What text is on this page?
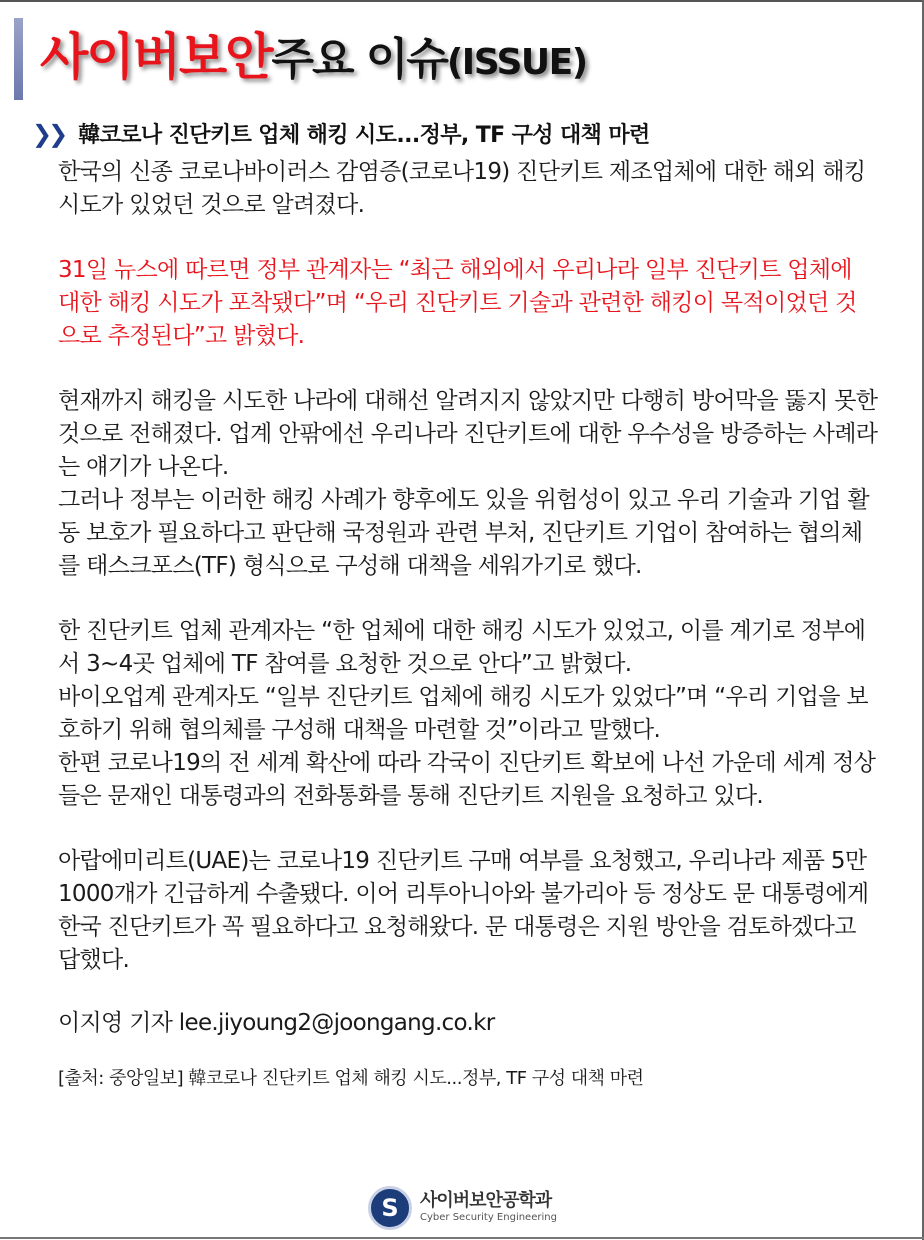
사이버보안주요 이슈(ISSUE)
❯❯ 韓코로나 진단키트 업체 해킹 시도...정부, TF 구성 대책 마련

한국의 신종 코로나바이러스 감염증(코로나19) 진단키트 제조업체에 대한 해외 해킹 시도가 있었던 것으로 알려졌다.

31일 뉴스에 따르면 정부 관계자는 “최근 해외에서 우리나라 일부 진단키트 업체에 대한 해킹 시도가 포착됐다”며 “우리 진단키트 기술과 관련한 해킹이 목적이었던 것으로 추정된다”고 밝혔다.

현재까지 해킹을 시도한 나라에 대해선 알려지지 않았지만 다행히 방어막을 뚫지 못한 것으로 전해졌다. 업계 안팎에선 우리나라 진단키트에 대한 우수성을 방증하는 사례라는 얘기가 나온다.

그러나 정부는 이러한 해킹 사례가 향후에도 있을 위험성이 있고 우리 기술과 기업 활동 보호가 필요하다고 판단해 국정원과 관련 부처, 진단키트 기업이 참여하는 협의체를 태스크포스(TF) 형식으로 구성해 대책을 세워가기로 했다.

한 진단키트 업체 관계자는 “한 업체에 대한 해킹 시도가 있었고, 이를 계기로 정부에서 3~4곳 업체에 TF 참여를 요청한 것으로 안다”고 밝혔다.

바이오업계 관계자도 “일부 진단키트 업체에 해킹 시도가 있었다”며 “우리 기업을 보호하기 위해 협의체를 구성해 대책을 마련할 것”이라고 말했다.

한편 코로나19의 전 세계 확산에 따라 각국이 진단키트 확보에 나선 가운데 세계 정상들은 문재인 대통령과의 전화통화를 통해 진단키트 지원을 요청하고 있다.

아랍에미리트(UAE)는 코로나19 진단키트 구매 여부를 요청했고, 우리나라 제품 5만1000개가 긴급하게 수출됐다. 이어 리투아니아와 불가리아 등 정상도 문 대통령에게 한국 진단키트가 꼭 필요하다고 요청해왔다. 문 대통령은 지원 방안을 검토하겠다고 답했다.

이지영 기자 lee.jiyoung2@joongang.co.kr

[출처: 중앙일보] 韓코로나 진단키트 업체 해킹 시도...정부, TF 구성 대책 마련

S	사이버보안공학과
Cyber Security Engineering
